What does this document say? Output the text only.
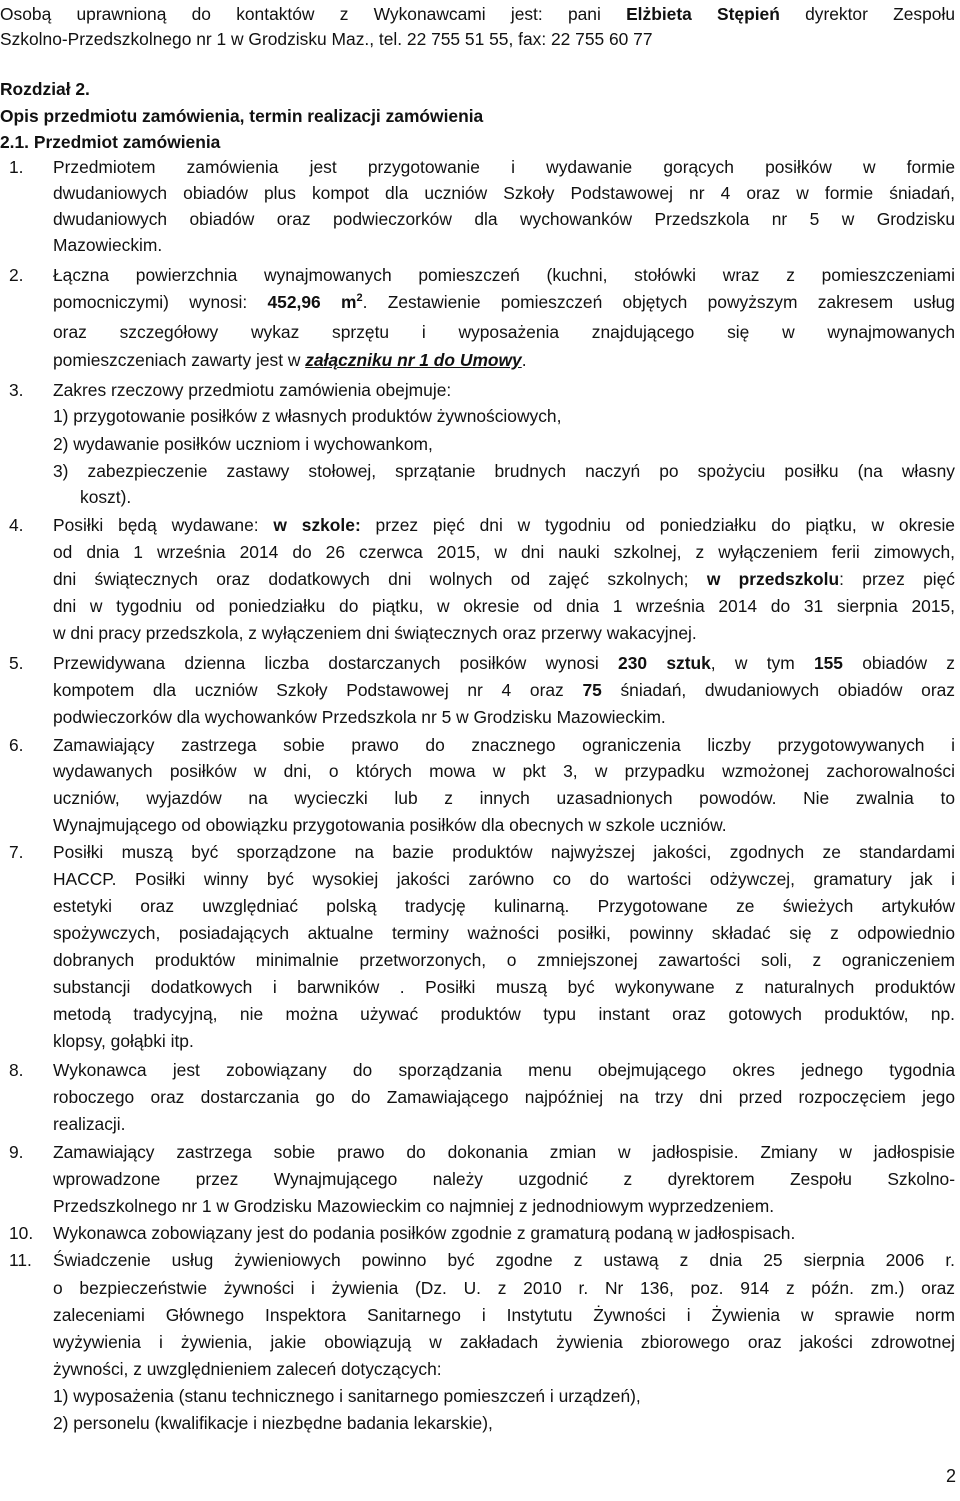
Osobą uprawnioną do kontaktów z Wykonawcami jest: pani Elżbieta Stępień dyrektor Zespołu
Szkolno-Przedszkolnego nr 1 w Grodzisku Maz., tel. 22 755 51 55, fax: 22 755 60 77
Rozdział 2.
Opis przedmiotu zamówienia, termin realizacji zamówienia
2.1. Przedmiot zamówienia
1. Przedmiotem zamówienia jest przygotowanie i wydawanie gorących posiłków w formie
dwudaniowych obiadów plus kompot dla uczniów Szkoły Podstawowej nr 4 oraz w formie śniadań,
dwudaniowych obiadów oraz podwieczorków dla wychowanków Przedszkola nr 5 w Grodzisku
Mazowieckim.
2. Łączna powierzchnia wynajmowanych pomieszczeń (kuchni, stołówki wraz z pomieszczeniami
pomocniczymi) wynosi: 452,96 $m^2$. Zestawienie pomieszczeń objętych powyższym zakresem usług
oraz szczegółowy wykaz sprzętu i wyposażenia znajdującego się w wynajmowanych
pomieszczeniach zawarty jest w załączniku nr 1 do Umowy.
3. Zakres rzeczowy przedmiotu zamówienia obejmuje:
1) przygotowanie posiłków z własnych produktów żywnościowych,
2) wydawanie posiłków uczniom i wychowankom,
3) zabezpieczenie zastawy stołowej, sprzątanie brudnych naczyń po spożyciu posiłku (na własny
koszt).
4. Posiłki będą wydawane: w szkole: przez pięć dni w tygodniu od poniedziałku do piątku, w okresie
od dnia 1 września 2014 do 26 czerwca 2015, w dni nauki szkolnej, z wyłączeniem ferii zimowych,
dni świątecznych oraz dodatkowych dni wolnych od zajęć szkolnych; w przedszkolu: przez pięć
dni w tygodniu od poniedziałku do piątku, w okresie od dnia 1 września 2014 do 31 sierpnia 2015,
w dni pracy przedszkola, z wyłączeniem dni świątecznych oraz przerwy wakacyjnej.
5. Przewidywana dzienna liczba dostarczanych posiłków wynosi 230 sztuk, w tym 155 obiadów z
kompotem dla uczniów Szkoły Podstawowej nr 4 oraz 75 śniadań, dwudaniowych obiadów oraz
podwieczorków dla wychowanków Przedszkola nr 5 w Grodzisku Mazowieckim.
6. Zamawiający zastrzega sobie prawo do znacznego ograniczenia liczby przygotowywanych i
wydawanych posiłków w dni, o których mowa w pkt 3, w przypadku wzmożonej zachorowalności
uczniów, wyjazdów na wycieczki lub z innych uzasadnionych powodów. Nie zwalnia to
Wynajmującego od obowiązku przygotowania posiłków dla obecnych w szkole uczniów.
7. Posiłki muszą być sporządzone na bazie produktów najwyższej jakości, zgodnych ze standardami
HACCP. Posiłki winny być wysokiej jakości zarówno co do wartości odżywczej, gramatury jak i
estetyki oraz uwzględniać polską tradycję kulinarną. Przygotowane ze świeżych artykułów
spożywczych, posiadających aktualne terminy ważności posiłki, powinny składać się z odpowiednio
dobranych produktów minimalnie przetworzonych, o zmniejszonej zawartości soli, z ograniczeniem
substancji dodatkowych i barwników . Posiłki muszą być wykonywane z naturalnych produktów
metodą tradycyjną, nie można używać produktów typu instant oraz gotowych produktów, np.
klopsy, gołąbki itp.
8. Wykonawca jest zobowiązany do sporządzania menu obejmującego okres jednego tygodnia
roboczego oraz dostarczania go do Zamawiającego najpóźniej na trzy dni przed rozpoczęciem jego
realizacji.
9. Zamawiający zastrzega sobie prawo do dokonania zmian w jadłospisie. Zmiany w jadłospisie
wprowadzone przez Wynajmującego należy uzgodnić z dyrektorem Zespołu Szkolno-
Przedszkolnego nr 1 w Grodzisku Mazowieckim co najmniej z jednodniowym wyprzedzeniem.
10. Wykonawca zobowiązany jest do podania posiłków zgodnie z gramaturą podaną w jadłospisach.
11. Świadczenie usług żywieniowych powinno być zgodne z ustawą z dnia 25 sierpnia 2006 r.
o bezpieczeństwie żywności i żywienia (Dz. U. z 2010 r. Nr 136, poz. 914 z późn. zm.) oraz
zaleceniami Głównego Inspektora Sanitarnego i Instytutu Żywności i Żywienia w sprawie norm
wyżywienia i żywienia, jakie obowiązują w zakładach żywienia zbiorowego oraz jakości zdrowotnej
żywności, z uwzględnieniem zaleceń dotyczących:
1) wyposażenia (stanu technicznego i sanitarnego pomieszczeń i urządzeń),
2) personelu (kwalifikacje i niezbędne badania lekarskie),
2
